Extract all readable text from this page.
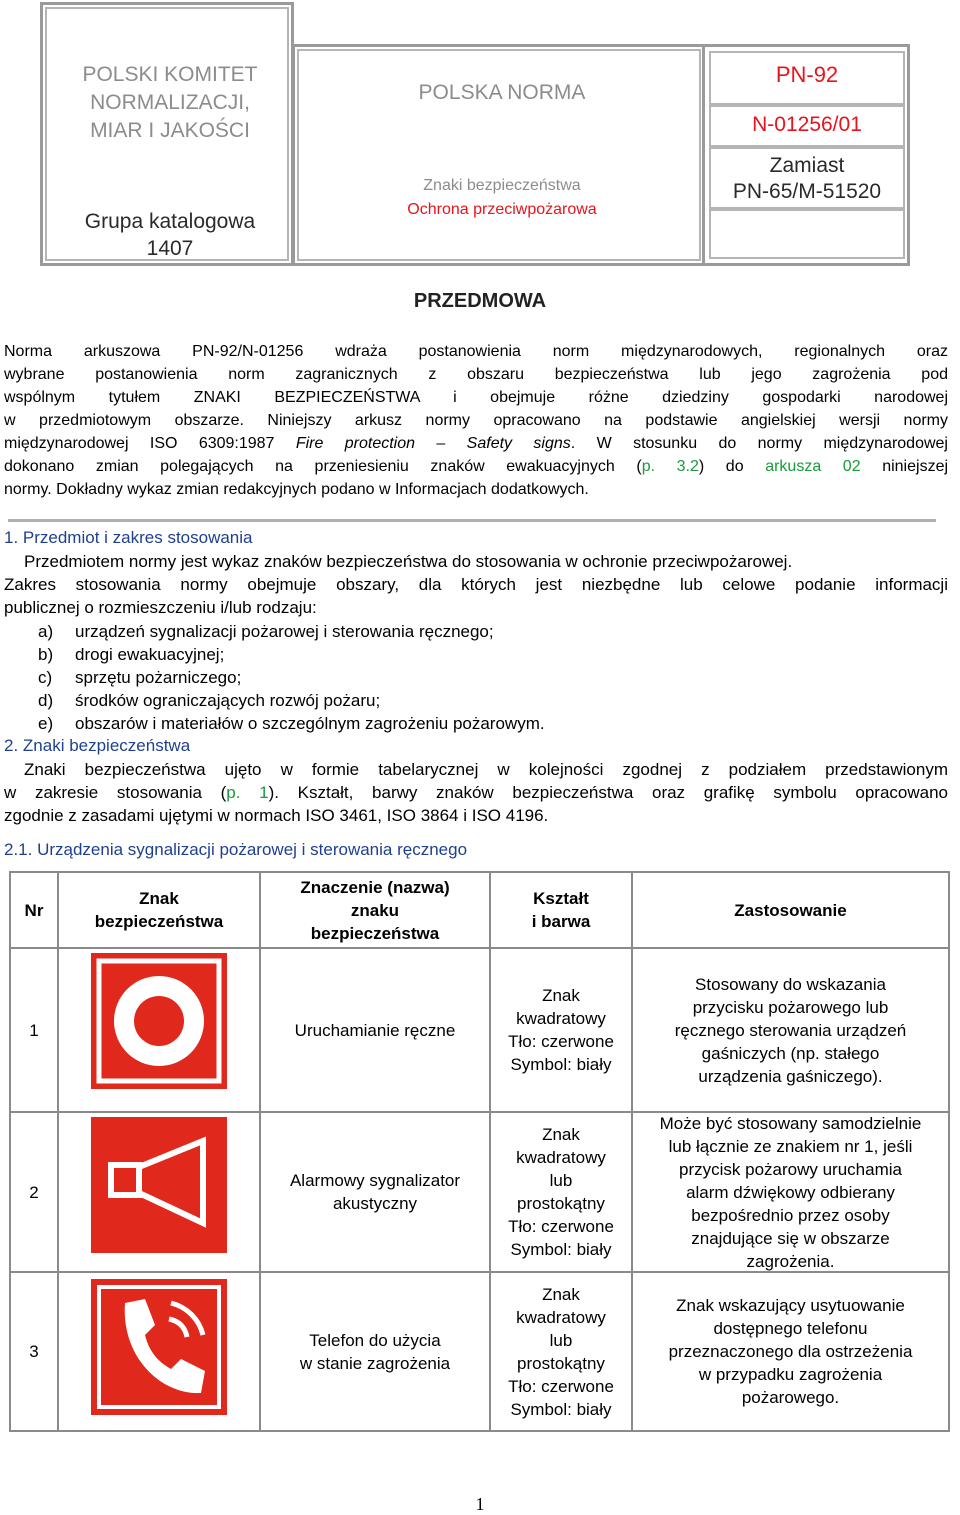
POLSKI KOMITET
NORMALIZACJI,
MIAR I JAKOŚCI
Grupa katalogowa
1407
POLSKA NORMA
Znaki bezpieczeństwa
Ochrona przeciwpożarowa
PN-92
N-01256/01
Zamiast
PN-65/M-51520
PRZEDMOWA
Norma arkuszowa PN-92/N-01256 wdraża postanowienia norm międzynarodowych, regionalnych oraz
wybrane postanowienia norm zagranicznych z obszaru bezpieczeństwa lub jego zagrożenia pod
wspólnym tytułem ZNAKI BEZPIECZEŃSTWA i obejmuje różne dziedziny gospodarki narodowej
w przedmiotowym obszarze. Niniejszy arkusz normy opracowano na podstawie angielskiej wersji normy
międzynarodowej ISO 6309:1987 Fire protection – Safety signs. W stosunku do normy międzynarodowej
dokonano zmian polegających na przeniesieniu znaków ewakuacyjnych (p. 3.2) do arkusza 02 niniejszej
normy. Dokładny wykaz zmian redakcyjnych podano w Informacjach dodatkowych.
1. Przedmiot i zakres stosowania
Przedmiotem normy jest wykaz znaków bezpieczeństwa do stosowania w ochronie przeciwpożarowej.
Zakres stosowania normy obejmuje obszary, dla których jest niezbędne lub celowe podanie informacji
publicznej o rozmieszczeniu i/lub rodzaju:
a) urządzeń sygnalizacji pożarowej i sterowania ręcznego;
b) drogi ewakuacyjnej;
c) sprzętu pożarniczego;
d) środków ograniczających rozwój pożaru;
e) obszarów i materiałów o szczególnym zagrożeniu pożarowym.
2. Znaki bezpieczeństwa
Znaki bezpieczeństwa ujęto w formie tabelarycznej w kolejności zgodnej z podziałem przedstawionym
w zakresie stosowania (p. 1). Kształt, barwy znaków bezpieczeństwa oraz grafikę symbolu opracowano
zgodnie z zasadami ujętymi w normach ISO 3461, ISO 3864 i ISO 4196.
2.1. Urządzenia sygnalizacji pożarowej i sterowania ręcznego
Nr
Znak
bezpieczeństwa
Znaczenie (nazwa)
znaku
bezpieczeństwa
Kształt
i barwa
Zastosowanie
1	Uruchamianie ręczne
Znak
kwadratowy
Tło: czerwone
Symbol: biały
Stosowany do wskazania
przycisku pożarowego lub
ręcznego sterowania urządzeń
gaśniczych (np. stałego
urządzenia gaśniczego).
2
Alarmowy sygnalizator
akustyczny
Znak
kwadratowy
lub
prostokątny
Tło: czerwone
Symbol: biały
Może być stosowany samodzielnie
lub łącznie ze znakiem nr 1, jeśli
przycisk pożarowy uruchamia
alarm dźwiękowy odbierany
bezpośrednio przez osoby
znajdujące się w obszarze
zagrożenia.
3
Telefon do użycia
w stanie zagrożenia
Znak
kwadratowy
lub
prostokątny
Tło: czerwone
Symbol: biały
Znak wskazujący usytuowanie
dostępnego telefonu
przeznaczonego dla ostrzeżenia
w przypadku zagrożenia
pożarowego.
1
